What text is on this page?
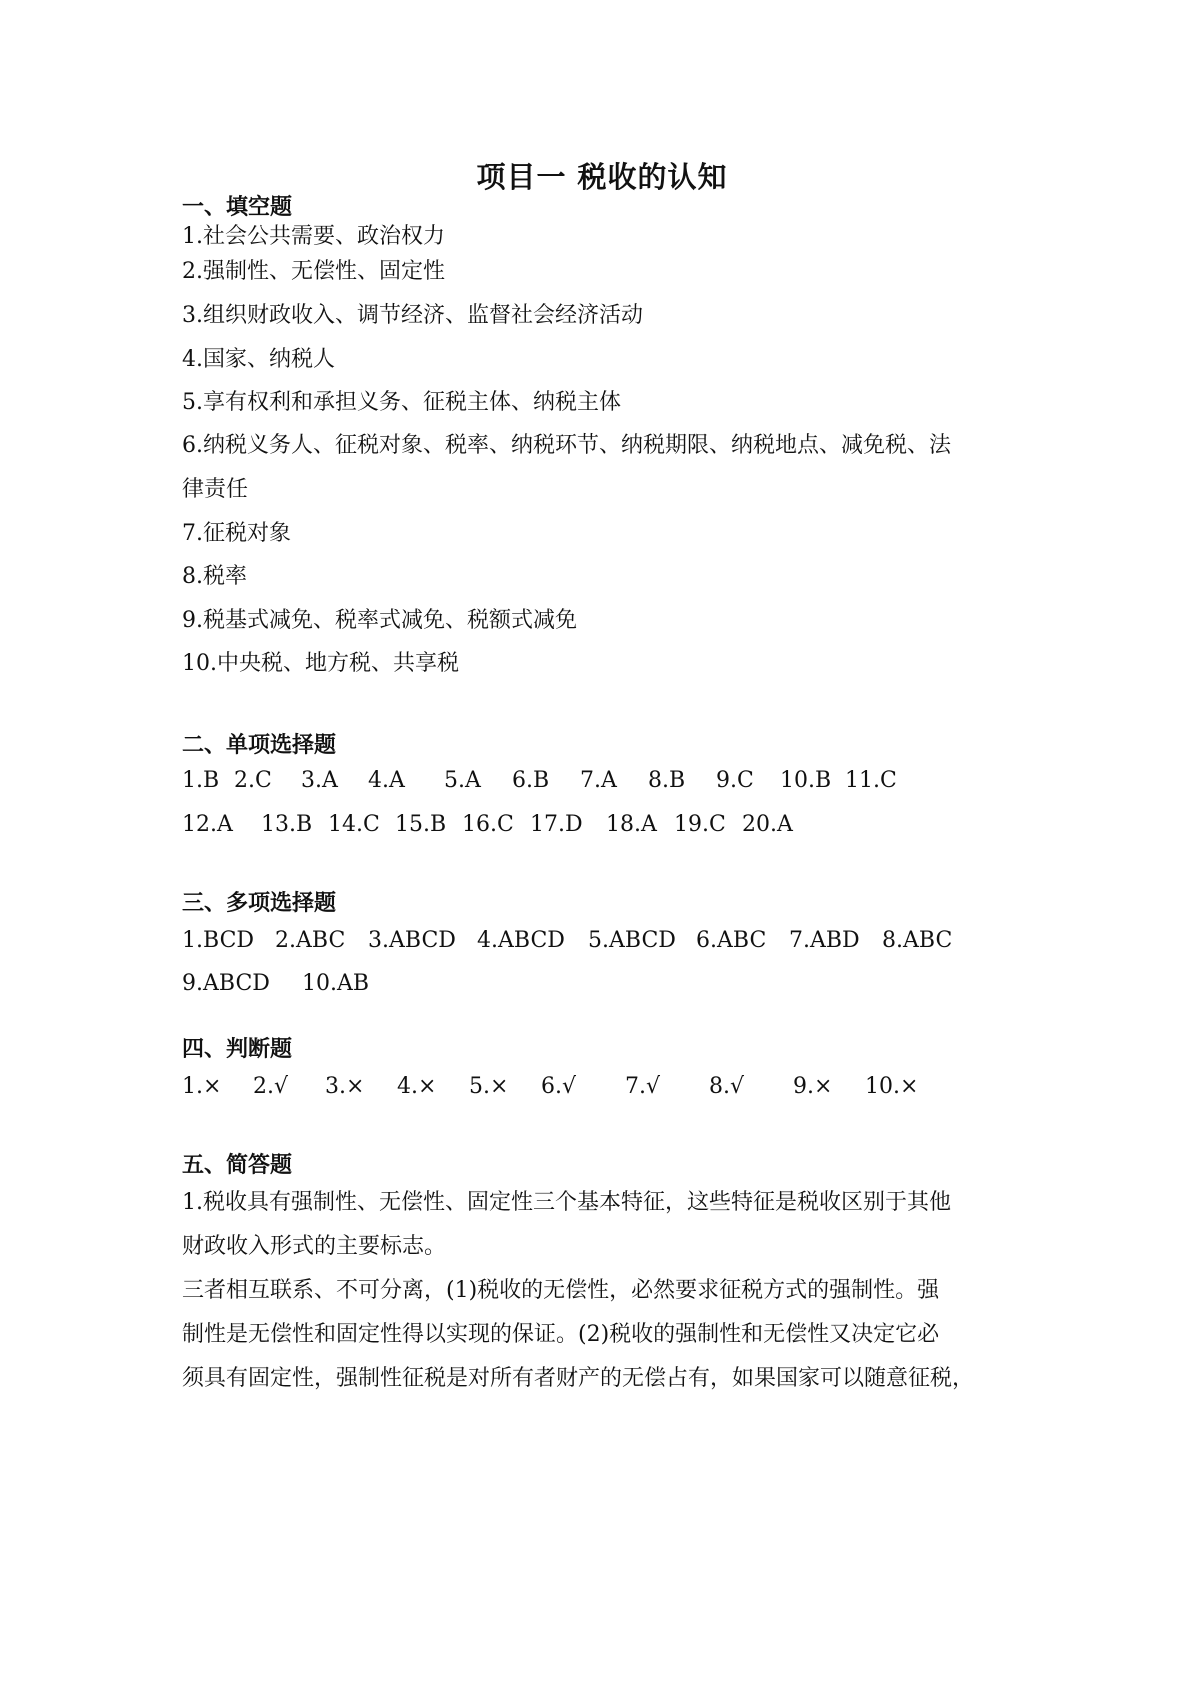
项目一 税收的认知
一、填空题
1.社会公共需要、政治权力
2.强制性、无偿性、固定性
3.组织财政收入、调节经济、监督社会经济活动
4.国家、纳税人
5.享有权利和承担义务、征税主体、纳税主体
6.纳税义务人、征税对象、税率、纳税环节、纳税期限、纳税地点、减免税、法
律责任
7.征税对象
8.税率
9.税基式减免、税率式减免、税额式减免
10.中央税、地方税、共享税
二、单项选择题
1.B 2.C 3.A 4.A 5.A 6.B 7.A 8.B 9.C 10.B 11.C
12.A 13.B 14.C 15.B 16.C 17.D 18.A 19.C 20.A
三、多项选择题
1.BCD 2.ABC 3.ABCD 4.ABCD 5.ABCD 6.ABC 7.ABD 8.ABC
9.ABCD 10.AB
四、判断题
1.× 2.√ 3.× 4.× 5.× 6.√ 7.√ 8.√ 9.× 10.×
五、简答题
1.税收具有强制性、无偿性、固定性三个基本特征，这些特征是税收区别于其他
财政收入形式的主要标志。
三者相互联系、不可分离，(1)税收的无偿性，必然要求征税方式的强制性。强
制性是无偿性和固定性得以实现的保证。(2)税收的强制性和无偿性又决定它必
须具有固定性，强制性征税是对所有者财产的无偿占有，如果国家可以随意征税，
